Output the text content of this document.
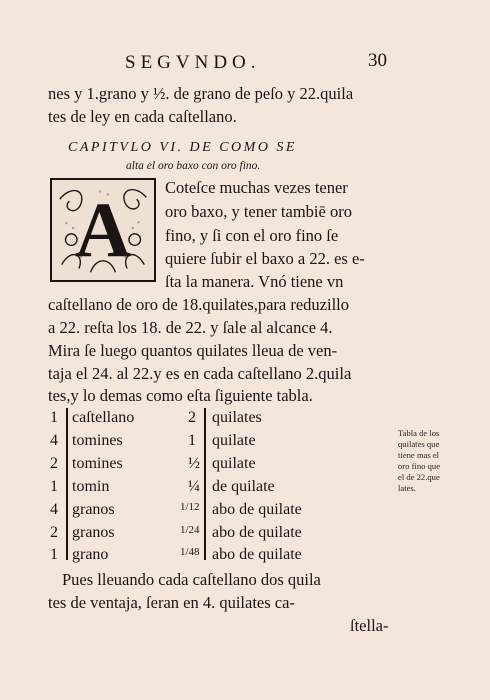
SEGVNDO.	30
nes y 1.grano y ½. de grano de peſo y 22.quila
tes de ley en cada caſtellano.
CAPITVLO VI. DE COMO SE
alta el oro baxo con oro fino.
A	Coteſce muchas vezes tener
oro baxo, y tener tambiē oro
fino, y ſi con el oro fino ſe
quiere ſubir el baxo a 22. es e-
ſta la manera. Vnó tiene vn
caſtellano de oro de 18.quilates,para reduzillo
a 22. reſta los 18. de 22. y ſale al alcance 4.
Mira ſe luego quantos quilates lleua de ven-
taja el 24. al 22.y es en cada caſtellano 2.quila
tes,y lo demas como eſta ſiguiente tabla.
1 caſtellano	2 quilates
4 tomines	1 quilate
2 tomines	½ quilate
1 tomin	¼ de quilate
4 granos	1/12 abo de quilate
2 granos	1/24 abo de quilate
1 grano	1/48 abo de quilate
Tabla de los
quilates que
tiene mas el
oro fino que
el de 22.que
lates.
Pues lleuando cada caſtellano dos quila
tes de ventaja, ſeran en 4. quilates ca-
ſtella-
